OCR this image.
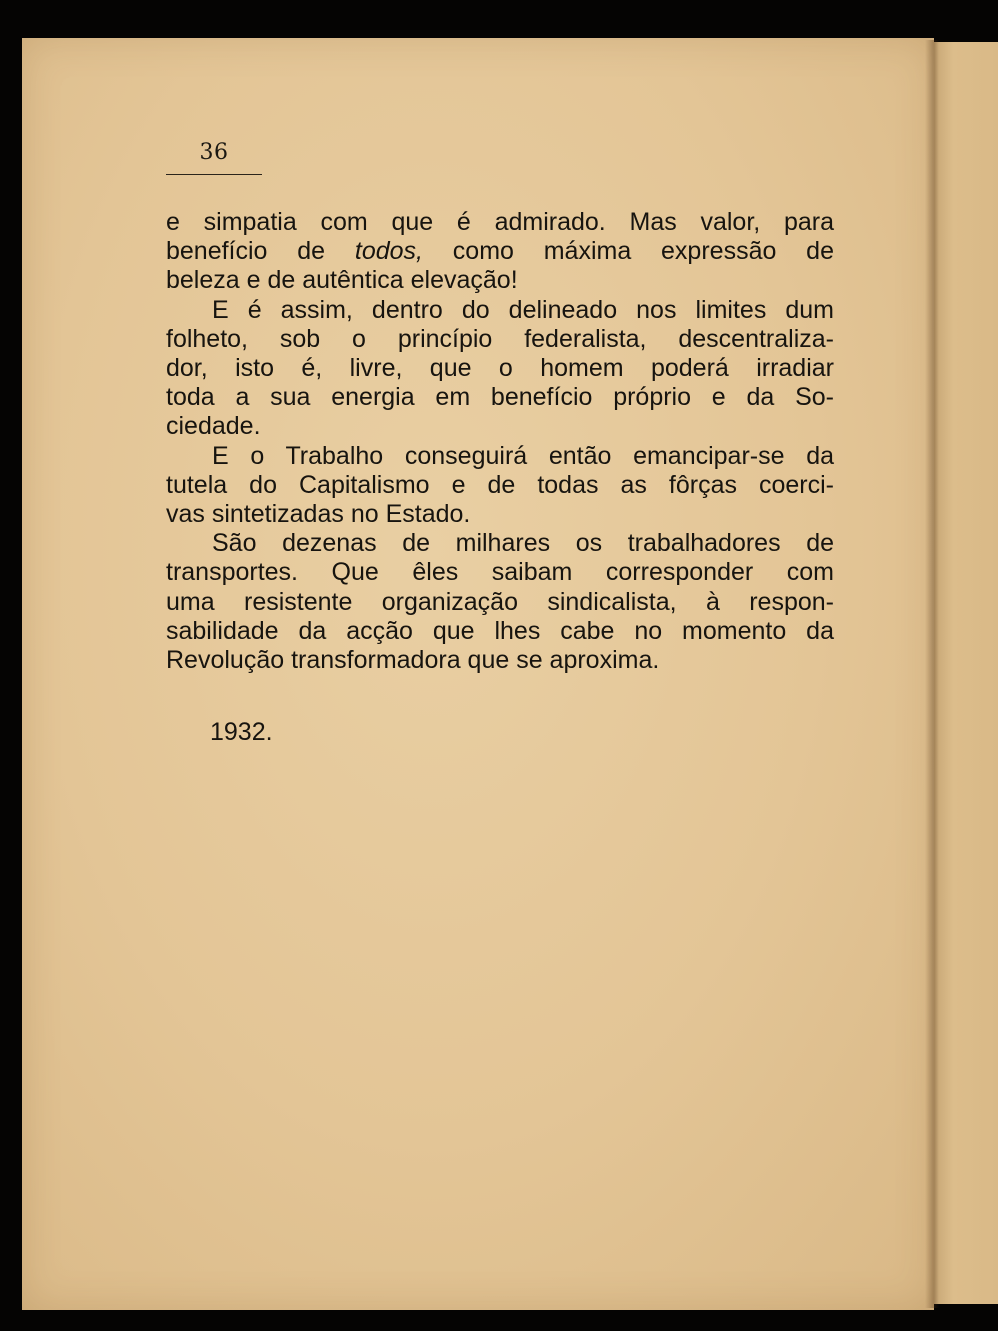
36

e simpatia com que é admirado. Mas valor, para
benefício de todos, como máxima expressão de
beleza e de autêntica elevação!

E é assim, dentro do delineado nos limites dum
folheto, sob o princípio federalista, descentraliza-
dor, isto é, livre, que o homem poderá irradiar
toda a sua energia em benefício próprio e da So-
ciedade.

E o Trabalho conseguirá então emancipar-se da
tutela do Capitalismo e de todas as fôrças coerci-
vas sintetizadas no Estado.

São dezenas de milhares os trabalhadores de
transportes. Que êles saibam corresponder com
uma resistente organização sindicalista, à respon-
sabilidade da acção que lhes cabe no momento da
Revolução transformadora que se aproxima.

1932.
